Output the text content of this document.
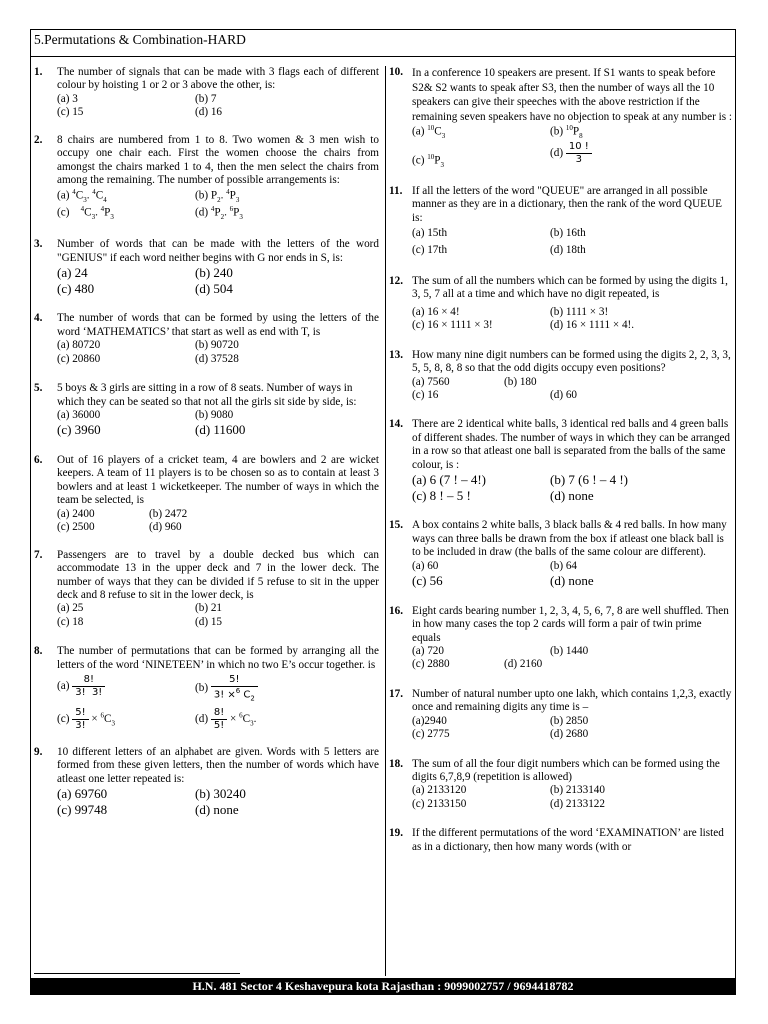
5.Permutations & Combination-HARD
1.	The number of signals that can be made with 3 flags each of different colour by hoisting 1 or 2 or 3 above the other, is:
(a) 3	(b) 7
(c) 15	(d) 16
2.	8 chairs are numbered from 1 to 8. Two women & 3 men wish to occupy one chair each. First the women choose the chairs from amongst the chairs marked 1 to 4, then the men select the chairs from among the remaining. The number of possible arrangements is:
(a) $^4C_3$. $^4C_4$	(b) $P_2$. $^4P_3$
(c)    $^4C_3$. $^4P_3$	(d) $^4P_2$. $^6P_3$
3.	Number of words that can be made with the letters of the word "GENIUS" if each word neither begins with G nor ends in S, is:
(a) 24	(b) 240
(c) 480	(d) 504
4.	The number of words that can be formed by using the letters of the word ‘MATHEMATICS’ that start as well as end with T, is
(a) 80720	(b) 90720
(c) 20860	(d) 37528
5.	5 boys & 3 girls are sitting in a row of 8 seats. Number of ways in which they can be seated so that not all the girls sit side by side, is:
(a) 36000	(b) 9080
(c) 3960	(d) 11600
6.	Out of 16 players of a cricket team, 4 are bowlers and 2 are wicket keepers. A team of 11 players is to be chosen so as to contain at least 3 bowlers and at least 1 wicketkeeper. The number of ways in which the team be selected, is
(a) 2400	(b) 2472
(c) 2500	(d) 960
7.	Passengers are to travel by a double decked bus which can accommodate 13 in the upper deck and 7 in the lower deck. The number of ways that they can be divided if 5 refuse to sit in the upper deck and 8 refuse to sit in the lower deck, is
(a) 25	(b) 21
(c) 18	(d) 15
8.	The number of permutations that can be formed by arranging all the letters of the word ‘NINETEEN’ in which no two E’s occur together. is
$(a) \frac{8!}{3! 3!}$	$(b) \frac{5!}{3! \times^6 C_2}$
$(c) \frac{5!}{3!} \times ^6C_3$	$(d) \frac{8!}{5!} \times ^6C_3$.
9.	10 different letters of an alphabet are given. Words with 5 letters are formed from these given letters, then the number of words which have atleast one letter repeated is:
(a) 69760	(b) 30240
(c) 99748	(d) none
10. In a conference 10 speakers are present. If S1 wants to speak before S2& S2 wants to speak after S3, then the number of ways all the 10 speakers can give their speeches with the above restriction if the remaining seven speakers have no objection to speak at any number is :
(a) $^{10}C_3$	(b) $^{10}P_8$
(c) $^{10}P_3$
$(d) \frac{10 !}{3}$
11. If all the letters of the word "QUEUE" are arranged in all possible manner as they are in a dictionary, then the rank of the word QUEUE is:
(a) 15th	(b) 16th
(c) 17th	(d) 18th
12. The sum of all the numbers which can be formed by using the digits 1, 3, 5, 7 all at a time and which have no digit repeated, is
(a) 16 × 4!	(b) 1111 × 3!
(c) 16 × 1111 × 3!	(d) 16 × 1111 × 4!.
13. How many nine digit numbers can be formed using the digits 2, 2, 3, 3, 5, 5, 8, 8, 8 so that the odd digits occupy even positions?
(a) 7560	(b) 180
(c) 16	(d) 60
14. There are 2 identical white balls, 3 identical red balls and 4 green balls of different shades. The number of ways in which they can be arranged in a row so that atleast one ball is separated from the balls of the same colour, is :
(a) 6 (7 ! – 4!)	(b) 7 (6 ! – 4 !)
(c) 8 ! – 5 !	(d) none
15. A box contains 2 white balls, 3 black balls & 4 red balls. In how many ways can three balls be drawn from the box if atleast one black ball is to be included in draw (the balls of the same colour are different).
(a) 60	(b) 64
(c) 56	(d) none
16. Eight cards bearing number 1, 2, 3, 4, 5, 6, 7, 8 are well shuffled. Then in how many cases the top 2 cards will form a pair of twin prime equals
(a) 720	(b) 1440
(c) 2880	(d) 2160
17. Number of natural number upto one lakh, which contains 1,2,3, exactly once and remaining digits any time is –
(a)2940	(b) 2850
(c) 2775	(d) 2680
18. The sum of all the four digit numbers which can be formed using the digits 6,7,8,9 (repetition is allowed)
(a) 2133120	(b) 2133140
(c) 2133150	(d) 2133122
19. If the different permutations of the word ‘EXAMINATION’ are listed as in a dictionary, then how many words (with or
H.N. 481 Sector 4 Keshavepura kota Rajasthan : 9099002757 / 9694418782
